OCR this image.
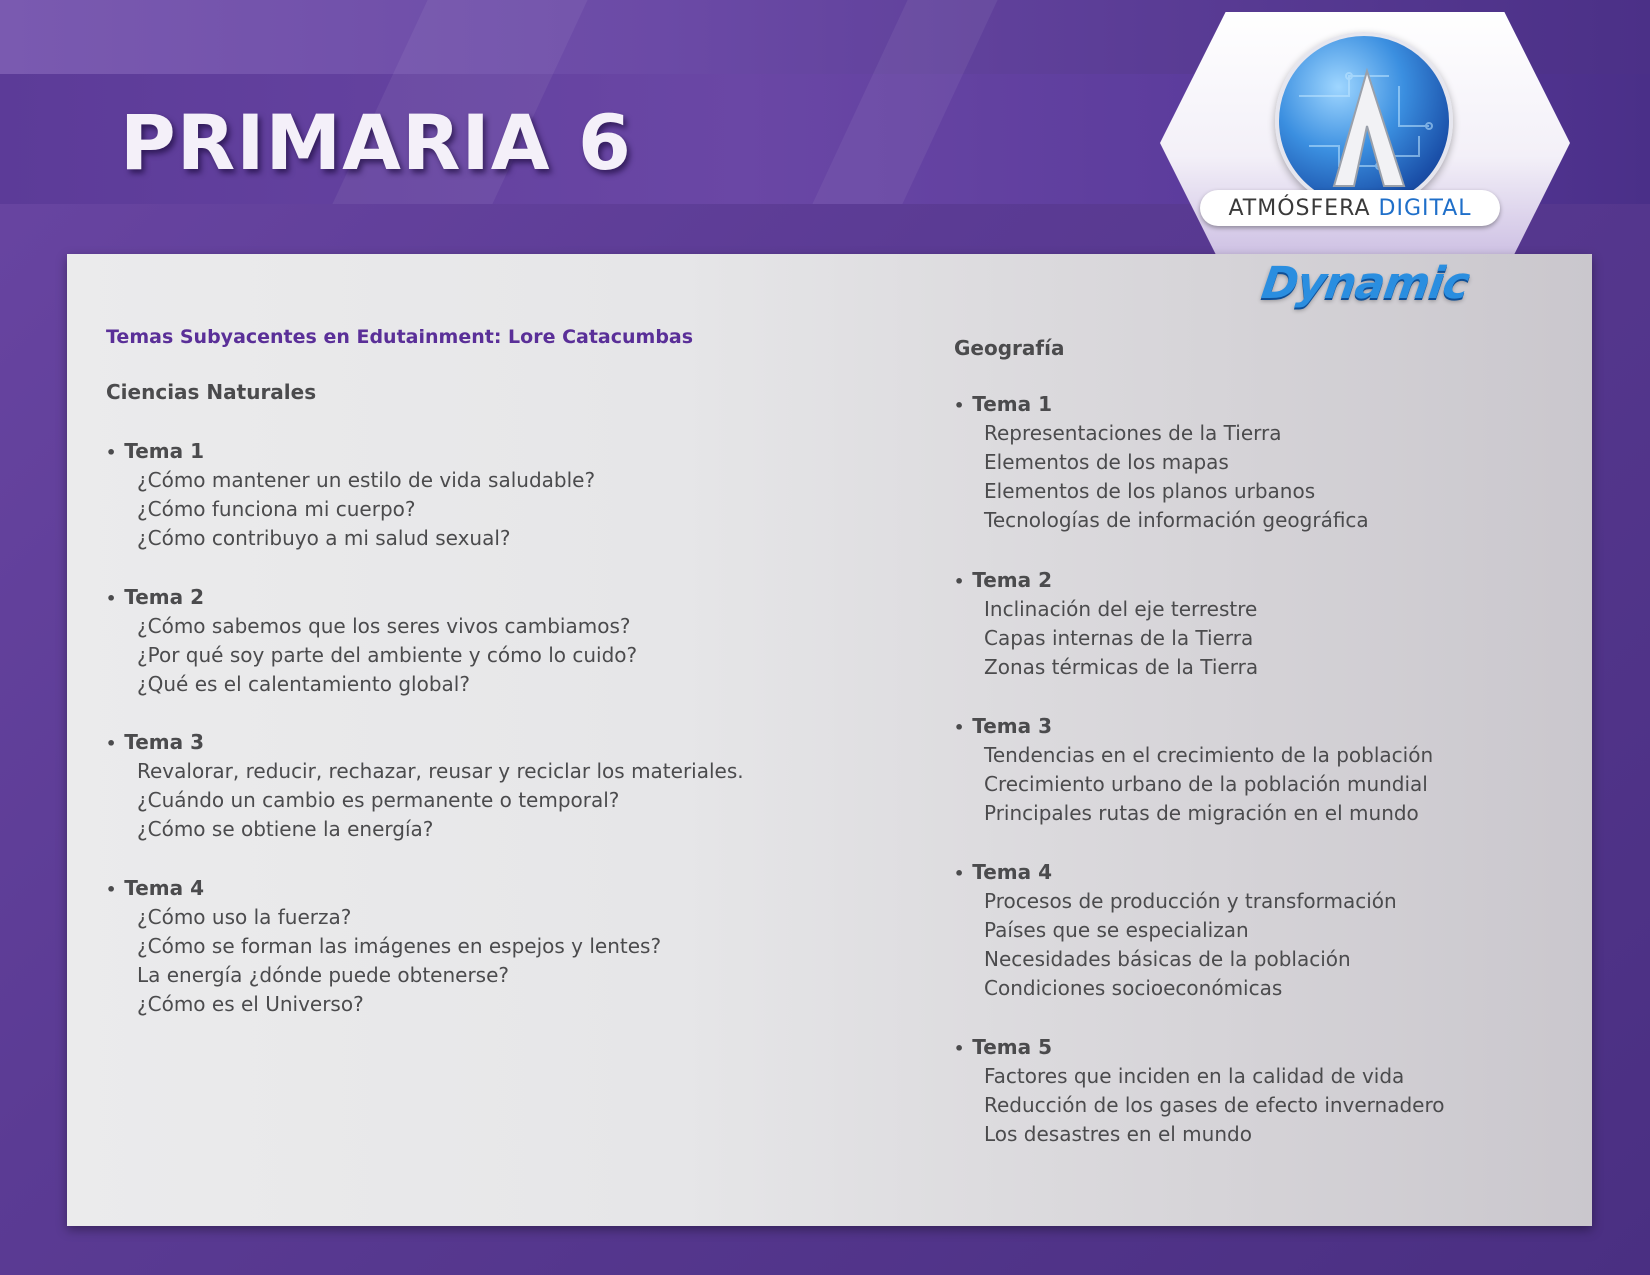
PRIMARIA 6
ATMÓSFERA DIGITAL
Dynamic
Temas Subyacentes en Edutainment: Lore Catacumbas
Ciencias Naturales

• Tema 1

¿Cómo mantener un estilo de vida saludable?
¿Cómo funciona mi cuerpo?
¿Cómo contribuyo a mi salud sexual?

• Tema 2

¿Cómo sabemos que los seres vivos cambiamos?
¿Por qué soy parte del ambiente y cómo lo cuido?
¿Qué es el calentamiento global?

• Tema 3

Revalorar, reducir, rechazar, reusar y reciclar los materiales.
¿Cuándo un cambio es permanente o temporal?
¿Cómo se obtiene la energía?

• Tema 4

¿Cómo uso la fuerza?
¿Cómo se forman las imágenes en espejos y lentes?
La energía ¿dónde puede obtenerse?
¿Cómo es el Universo?
Geografía

• Tema 1

Representaciones de la Tierra
Elementos de los mapas
Elementos de los planos urbanos
Tecnologías de información geográfica

• Tema 2

Inclinación del eje terrestre
Capas internas de la Tierra
Zonas térmicas de la Tierra

• Tema 3

Tendencias en el crecimiento de la población
Crecimiento urbano de la población mundial
Principales rutas de migración en el mundo

• Tema 4

Procesos de producción y transformación
Países que se especializan
Necesidades básicas de la población
Condiciones socioeconómicas

• Tema 5

Factores que inciden en la calidad de vida
Reducción de los gases de efecto invernadero
Los desastres en el mundo
